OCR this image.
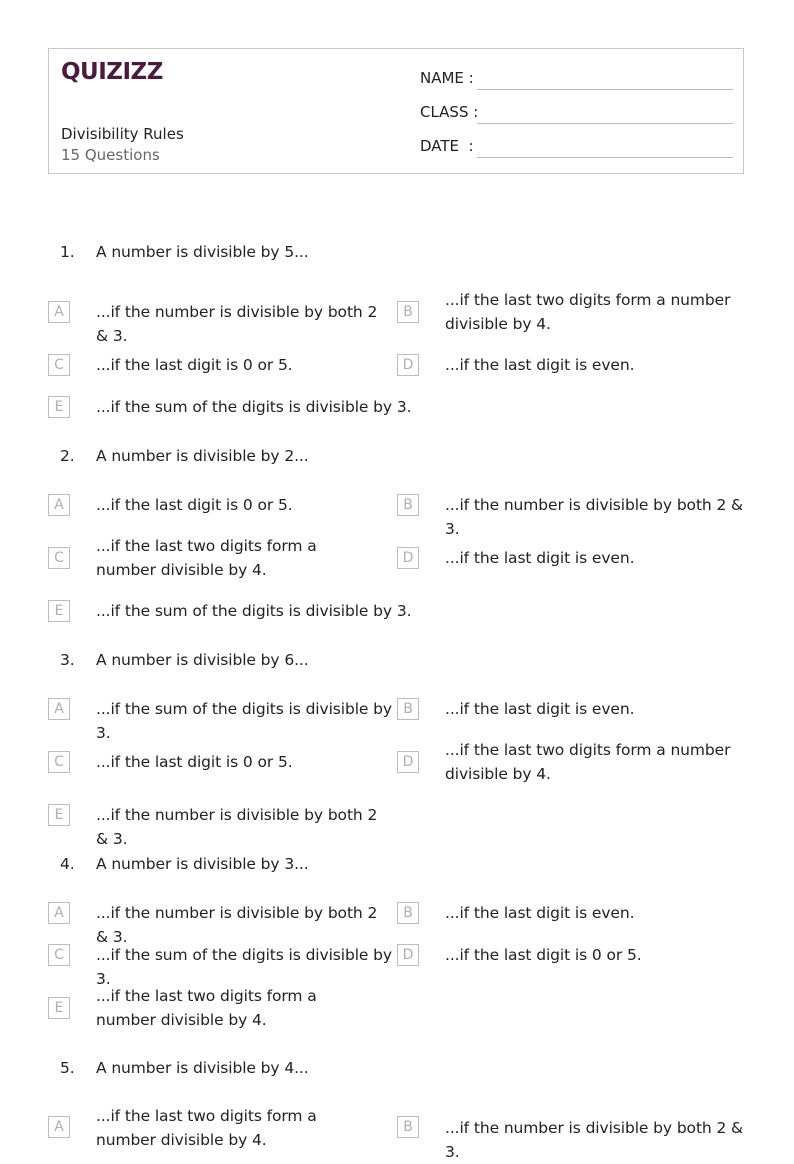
QUIZIZZ
Divisibility Rules
15 Questions
NAME :
CLASS :
DATE  :
1.	A number is divisible by 5...
A	...if the number is divisible by both 2 & 3.
B
...if the last two digits form a number divisible by 4.
C	...if the last digit is 0 or 5.	D	...if the last digit is even.
E	...if the sum of the digits is divisible by 3.
2.	A number is divisible by 2...
A	...if the last digit is 0 or 5.	B	...if the number is divisible by both 2 & 3.
C
...if the last two digits form a number divisible by 4.
D	...if the last digit is even.
E	...if the sum of the digits is divisible by 3.
3.	A number is divisible by 6...
A	...if the sum of the digits is divisible by 3.
B	...if the last digit is even.
C	...if the last digit is 0 or 5.	D
...if the last two digits form a number divisible by 4.
E	...if the number is divisible by both 2 & 3.
4.	A number is divisible by 3...
A	...if the number is divisible by both 2 & 3.
B	...if the last digit is even.
C	...if the sum of the digits is divisible by 3.
D	...if the last digit is 0 or 5.
E
...if the last two digits form a number divisible by 4.
5.	A number is divisible by 4...
A
...if the last two digits form a number divisible by 4.
B	...if the number is divisible by both 2 & 3.
